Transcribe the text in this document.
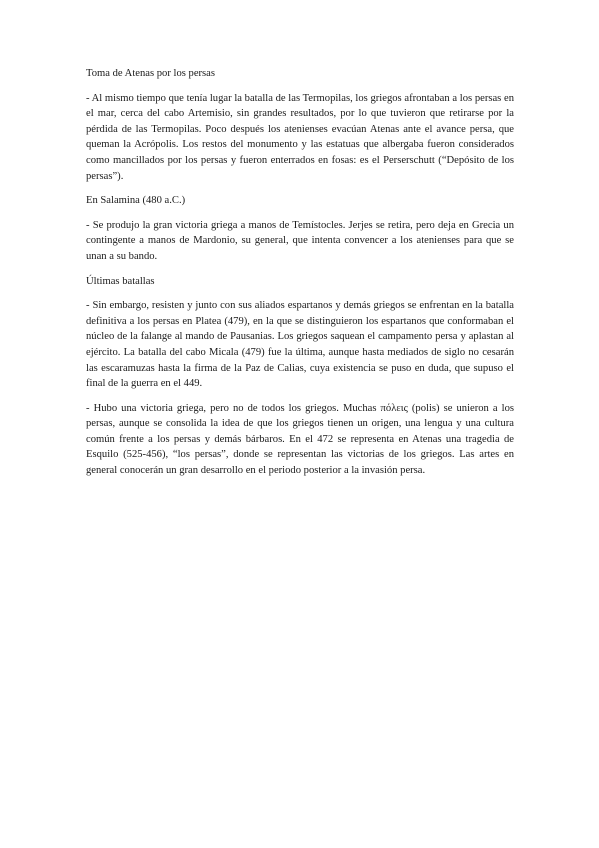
Toma de Atenas por los persas

- Al mismo tiempo que tenía lugar la batalla de las Termopilas, los griegos afrontaban a los persas en el mar, cerca del cabo Artemisio, sin grandes resultados, por lo que tuvieron que retirarse por la pérdida de las Termopilas. Poco después los atenienses evacúan Atenas ante el avance persa, que queman la Acrópolis. Los restos del monumento y las estatuas que albergaba fueron considerados como mancillados por los persas y fueron enterrados en fosas: es el Perserschutt (“Depósito de los persas”).

En Salamina (480 a.C.)

- Se produjo la gran victoria griega a manos de Temístocles. Jerjes se retira, pero deja en Grecia un contingente a manos de Mardonio, su general, que intenta convencer a los atenienses para que se unan a su bando.

Últimas batallas

- Sin embargo, resisten y junto con sus aliados espartanos y demás griegos se enfrentan en la batalla definitiva a los persas en Platea (479), en la que se distinguieron los espartanos que conformaban el núcleo de la falange al mando de Pausanias. Los griegos saquean el campamento persa y aplastan al ejército. La batalla del cabo Micala (479) fue la última, aunque hasta mediados de siglo no cesarán las escaramuzas hasta la firma de la Paz de Calias, cuya existencia se puso en duda, que supuso el final de la guerra en el 449.

- Hubo una victoria griega, pero no de todos los griegos. Muchas πόλεις (polis) se unieron a los persas, aunque se consolida la idea de que los griegos tienen un origen, una lengua y una cultura común frente a los persas y demás bárbaros. En el 472 se representa en Atenas una tragedia de Esquilo (525-456), “los persas”, donde se representan las victorias de los griegos. Las artes en general conocerán un gran desarrollo en el periodo posterior a la invasión persa.
